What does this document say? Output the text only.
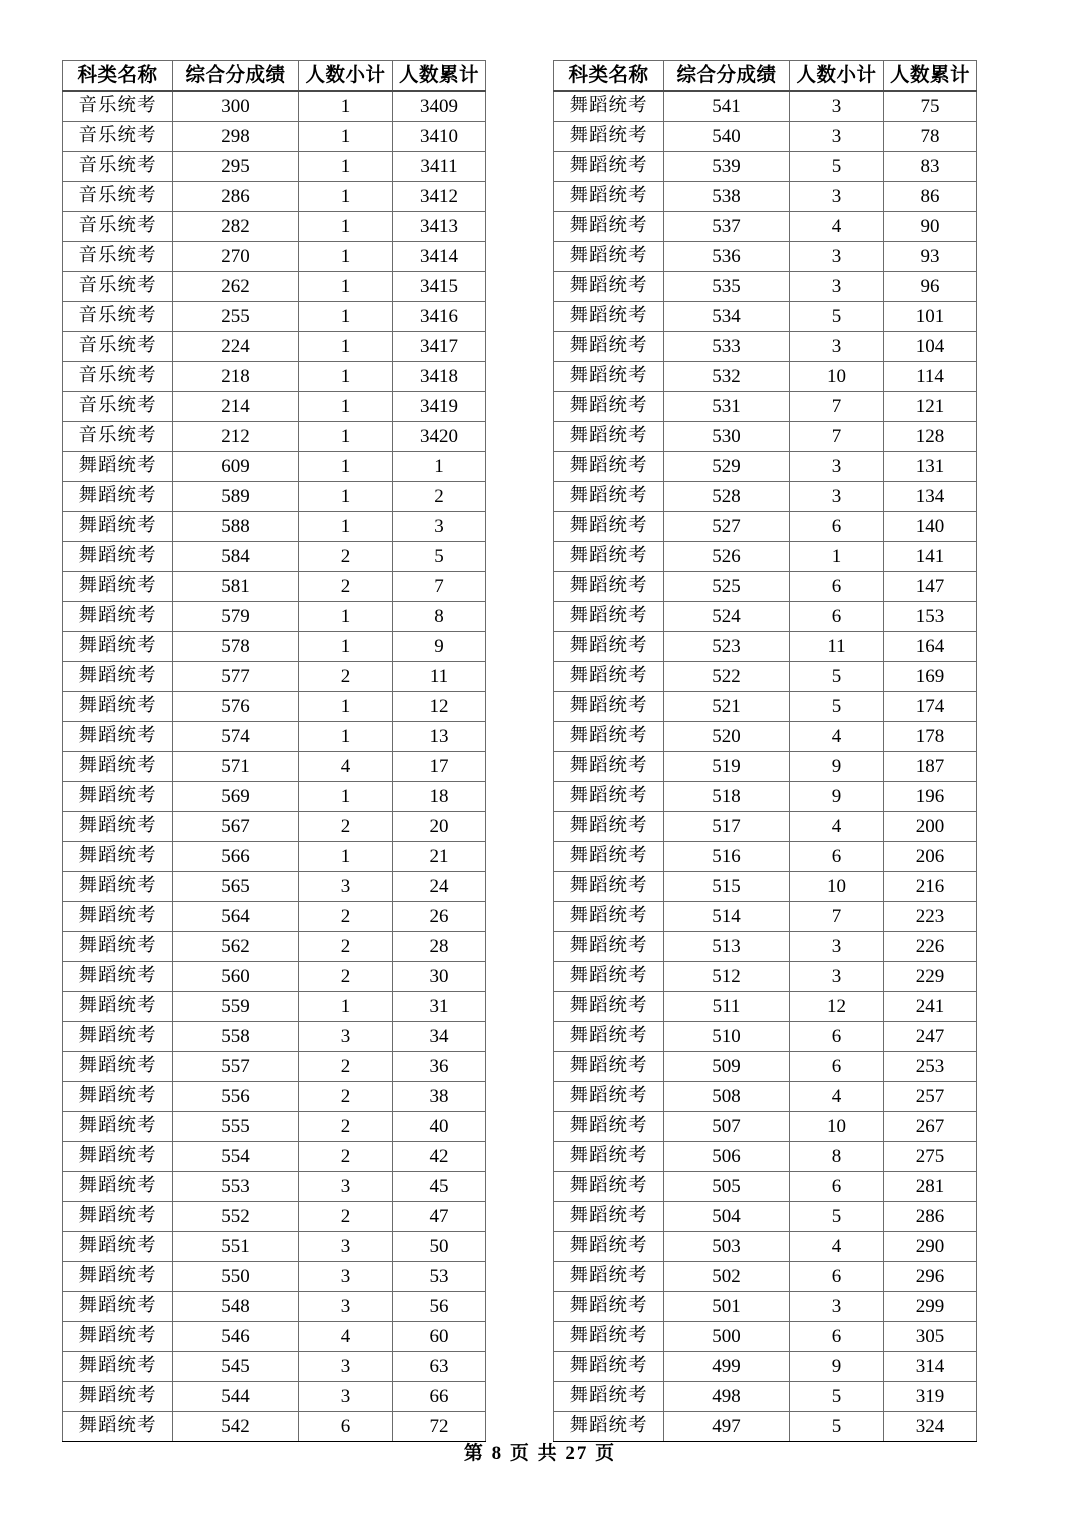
科类名称	综合分成绩	人数小计	人数累计
音乐统考	300	1	3409
音乐统考	298	1	3410
音乐统考	295	1	3411
音乐统考	286	1	3412
音乐统考	282	1	3413
音乐统考	270	1	3414
音乐统考	262	1	3415
音乐统考	255	1	3416
音乐统考	224	1	3417
音乐统考	218	1	3418
音乐统考	214	1	3419
音乐统考	212	1	3420
舞蹈统考	609	1	1
舞蹈统考	589	1	2
舞蹈统考	588	1	3
舞蹈统考	584	2	5
舞蹈统考	581	2	7
舞蹈统考	579	1	8
舞蹈统考	578	1	9
舞蹈统考	577	2	11
舞蹈统考	576	1	12
舞蹈统考	574	1	13
舞蹈统考	571	4	17
舞蹈统考	569	1	18
舞蹈统考	567	2	20
舞蹈统考	566	1	21
舞蹈统考	565	3	24
舞蹈统考	564	2	26
舞蹈统考	562	2	28
舞蹈统考	560	2	30
舞蹈统考	559	1	31
舞蹈统考	558	3	34
舞蹈统考	557	2	36
舞蹈统考	556	2	38
舞蹈统考	555	2	40
舞蹈统考	554	2	42
舞蹈统考	553	3	45
舞蹈统考	552	2	47
舞蹈统考	551	3	50
舞蹈统考	550	3	53
舞蹈统考	548	3	56
舞蹈统考	546	4	60
舞蹈统考	545	3	63
舞蹈统考	544	3	66
舞蹈统考	542	6	72
科类名称	综合分成绩	人数小计	人数累计
舞蹈统考	541	3	75
舞蹈统考	540	3	78
舞蹈统考	539	5	83
舞蹈统考	538	3	86
舞蹈统考	537	4	90
舞蹈统考	536	3	93
舞蹈统考	535	3	96
舞蹈统考	534	5	101
舞蹈统考	533	3	104
舞蹈统考	532	10	114
舞蹈统考	531	7	121
舞蹈统考	530	7	128
舞蹈统考	529	3	131
舞蹈统考	528	3	134
舞蹈统考	527	6	140
舞蹈统考	526	1	141
舞蹈统考	525	6	147
舞蹈统考	524	6	153
舞蹈统考	523	11	164
舞蹈统考	522	5	169
舞蹈统考	521	5	174
舞蹈统考	520	4	178
舞蹈统考	519	9	187
舞蹈统考	518	9	196
舞蹈统考	517	4	200
舞蹈统考	516	6	206
舞蹈统考	515	10	216
舞蹈统考	514	7	223
舞蹈统考	513	3	226
舞蹈统考	512	3	229
舞蹈统考	511	12	241
舞蹈统考	510	6	247
舞蹈统考	509	6	253
舞蹈统考	508	4	257
舞蹈统考	507	10	267
舞蹈统考	506	8	275
舞蹈统考	505	6	281
舞蹈统考	504	5	286
舞蹈统考	503	4	290
舞蹈统考	502	6	296
舞蹈统考	501	3	299
舞蹈统考	500	6	305
舞蹈统考	499	9	314
舞蹈统考	498	5	319
舞蹈统考	497	5	324
第 8 页 共 27 页
